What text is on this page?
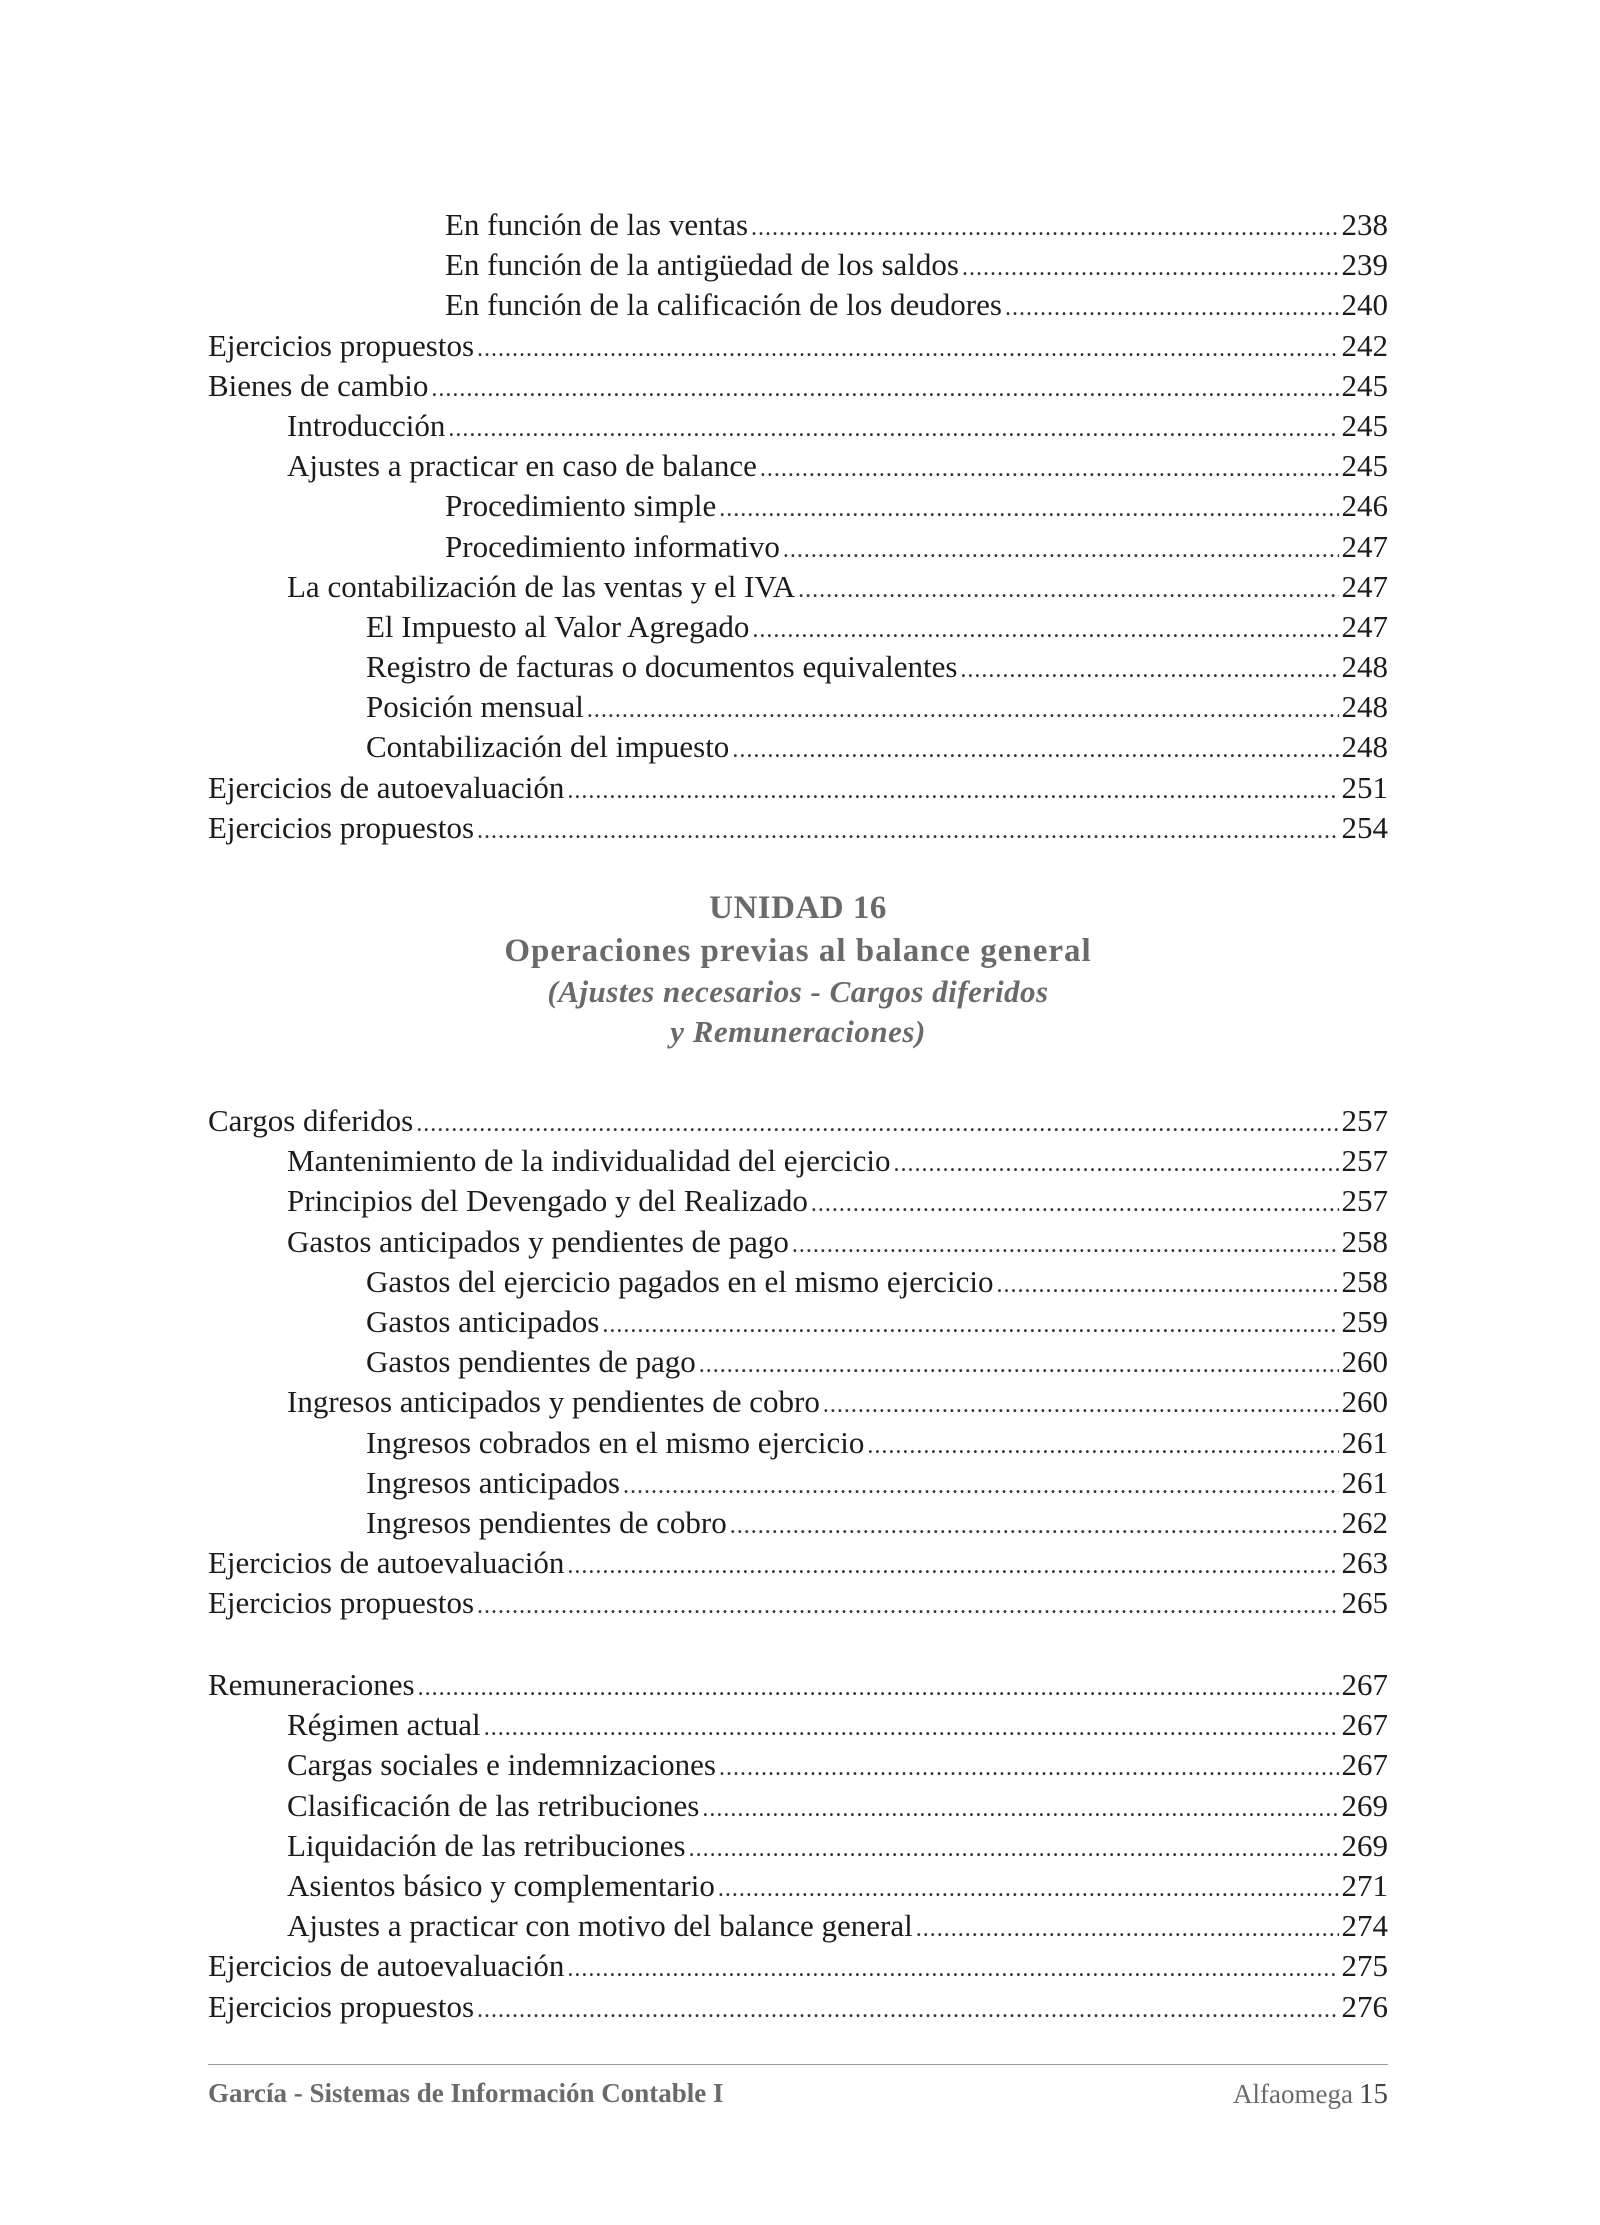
En función de las ventas .....	238
En función de la antigüedad de los saldos .....	239
En función de la calificación de los deudores .....	240
Ejercicios propuestos .....	242
Bienes de cambio .....	245
Introducción .....	245
Ajustes a practicar en caso de balance .....	245
Procedimiento simple .....	246
Procedimiento informativo .....	247
La contabilización de las ventas y el IVA .....	247
El Impuesto al Valor Agregado .....	247
Registro de facturas o documentos equivalentes .....	248
Posición mensual .....	248
Contabilización del impuesto .....	248
Ejercicios de autoevaluación .....	251
Ejercicios propuestos .....	254
UNIDAD 16
Operaciones previas al balance general
(Ajustes necesarios - Cargos diferidos
y Remuneraciones)
Cargos diferidos .....	257
Mantenimiento de la individualidad del ejercicio .....	257
Principios del Devengado y del Realizado .....	257
Gastos anticipados y pendientes de pago .....	258
Gastos del ejercicio pagados en el mismo ejercicio .....	258
Gastos anticipados .....	259
Gastos pendientes de pago .....	260
Ingresos anticipados y pendientes de cobro .....	260
Ingresos cobrados en el mismo ejercicio .....	261
Ingresos anticipados .....	261
Ingresos pendientes de cobro .....	262
Ejercicios de autoevaluación .....	263
Ejercicios propuestos .....	265
Remuneraciones .....	267
Régimen actual .....	267
Cargas sociales e indemnizaciones .....	267
Clasificación de las retribuciones .....	269
Liquidación de las retribuciones .....	269
Asientos básico y complementario .....	271
Ajustes a practicar con motivo del balance general .....	274
Ejercicios de autoevaluación .....	275
Ejercicios propuestos .....	276
García - Sistemas de Información Contable I	Alfaomega 15
